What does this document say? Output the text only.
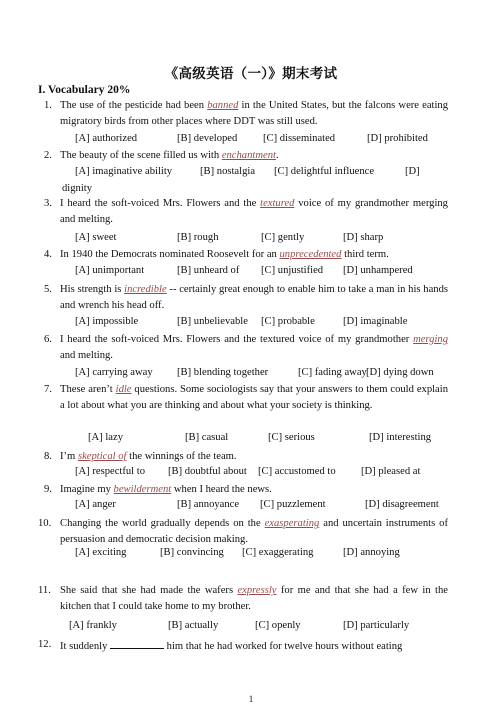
《高级英语（一）》期末考试
I. Vocabulary 20%
1. The use of the pesticide had been banned in the United States, but the falcons were eating migratory birds from other places where DDT was still used.
[A] authorized	[B] developed [C] disseminated	[D] prohibited
2. The beauty of the scene filled us with enchantment.
[A] imaginative ability	[B] nostalgia [C] delightful influence	[D]
dignity
3. I heard the soft-voiced Mrs. Flowers and the textured voice of my grandmother merging and melting.
[A] sweet	[B] rough	[C] gently	[D] sharp
4. In 1940 the Democrats nominated Roosevelt for an unprecedented third term.
[A] unimportant	[B] unheard of [C] unjustified [D] unhampered
5. His strength is incredible -- certainly great enough to enable him to take a man in his hands and wrench his head off.
[A] impossible	[B] unbelievable [C] probable	[D] imaginable
6. I heard the soft-voiced Mrs. Flowers and the textured voice of my grandmother merging and melting.
[A] carrying away [B] blending together	[C] fading away [D] dying down
7. These aren’t idle questions. Some sociologists say that your answers to them could explain a lot about what you are thinking and about what your society is thinking.
[A] lazy	[B] casual	[C] serious	[D] interesting
8. I’m skeptical of the winnings of the team.
[A] respectful to [B] doubtful about [C] accustomed to [D] pleased at
9. Imagine my bewilderment when I heard the news.
[A] anger	[B] annoyance [C] puzzlement	[D] disagreement
10. Changing the world gradually depends on the exasperating and uncertain instruments of persuasion and democratic decision making.
[A] exciting	[B] convincing [C] exaggerating	[D] annoying
11. She said that she had made the wafers expressly for me and that she had a few in the kitchen that I could take home to my brother.
[A] frankly	[B] actually	[C] openly	[D] particularly
12. It suddenly	him that he had worked for twelve hours without eating
1
